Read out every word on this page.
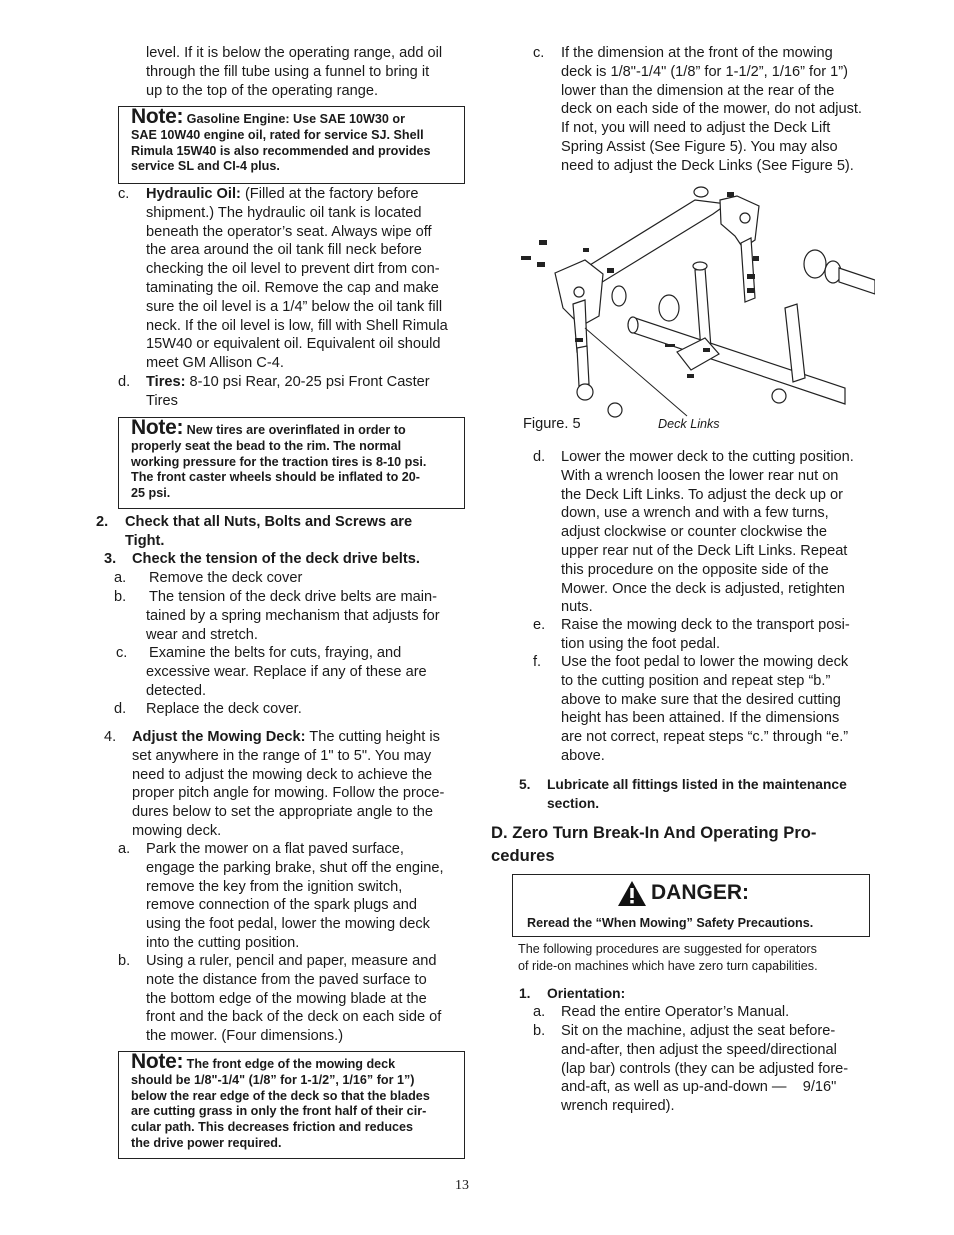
level. If it is below the operating range, add oil
through the fill tube using a funnel to bring it
up to the top of the operating range.
Note: Gasoline Engine: Use SAE 10W30 or
SAE 10W40 engine oil, rated for service SJ. Shell
Rimula 15W40 is also recommended and provides
service SL and CI-4 plus.
c. Hydraulic Oil: (Filled at the factory before
shipment.) The hydraulic oil tank is located
beneath the operator’s seat. Always wipe off
the area around the oil tank fill neck before
checking the oil level to prevent dirt from con-
taminating the oil. Remove the cap and make
sure the oil level is a 1/4” below the oil tank fill
neck. If the oil level is low, fill with Shell Rimula
15W40 or equivalent oil. Equivalent oil should
meet GM Allison C-4.
d. Tires: 8-10 psi Rear, 20-25 psi Front Caster
Tires
Note: New tires are overinflated in order to
properly seat the bead to the rim. The normal
working pressure for the traction tires is 8-10 psi.
The front caster wheels should be inflated to 20-
25 psi.
2. Check that all Nuts, Bolts and Screws are
Tight.
3. Check the tension of the deck drive belts.
a. Remove the deck cover
b. The tension of the deck drive belts are main-
tained by a spring mechanism that adjusts for
wear and stretch.
c. Examine the belts for cuts, fraying, and
excessive wear. Replace if any of these are
detected.
d. Replace the deck cover.
4. Adjust the Mowing Deck: The cutting height is
set anywhere in the range of 1" to 5". You may
need to adjust the mowing deck to achieve the
proper pitch angle for mowing. Follow the proce-
dures below to set the appropriate angle to the
mowing deck.
a. Park the mower on a flat paved surface,
engage the parking brake, shut off the engine,
remove the key from the ignition switch,
remove connection of the spark plugs and
using the foot pedal, lower the mowing deck
into the cutting position.
b. Using a ruler, pencil and paper, measure and
note the distance from the paved surface to
the bottom edge of the mowing blade at the
front and the back of the deck on each side of
the mower. (Four dimensions.)
Note: The front edge of the mowing deck
should be 1/8"-1/4" (1/8” for 1-1/2”, 1/16” for 1”)
below the rear edge of the deck so that the blades
are cutting grass in only the front half of their cir-
cular path. This decreases friction and reduces
the drive power required.
c. If the dimension at the front of the mowing
deck is 1/8"-1/4" (1/8” for 1-1/2”, 1/16” for 1”)
lower than the dimension at the rear of the
deck on each side of the mower, do not adjust.
If not, you will need to adjust the Deck Lift
Spring Assist (See Figure 5). You may also
need to adjust the Deck Links (See Figure 5).
Figure. 5	Deck Links
d. Lower the mower deck to the cutting position.
With a wrench loosen the lower rear nut on
the Deck Lift Links. To adjust the deck up or
down, use a wrench and with a few turns,
adjust clockwise or counter clockwise the
upper rear nut of the Deck Lift Links. Repeat
this procedure on the opposite side of the
Mower. Once the deck is adjusted, retighten
nuts.
e. Raise the mowing deck to the transport posi-
tion using the foot pedal.
f. Use the foot pedal to lower the mowing deck
to the cutting position and repeat step “b.”
above to make sure that the desired cutting
height has been attained. If the dimensions
are not correct, repeat steps “c.” through “e.”
above.
5. Lubricate all fittings listed in the maintenance
section.
D. Zero Turn Break-In And Operating Pro-
cedures
DANGER:
Reread the “When Mowing” Safety Precautions.
The following procedures are suggested for operators
of ride-on machines which have zero turn capabilities.
1. Orientation:
a. Read the entire Operator’s Manual.
b. Sit on the machine, adjust the seat before-
and-after, then adjust the speed/directional
(lap bar) controls (they can be adjusted fore-
and-aft, as well as up-and-down —    9/16"
wrench required).
13
